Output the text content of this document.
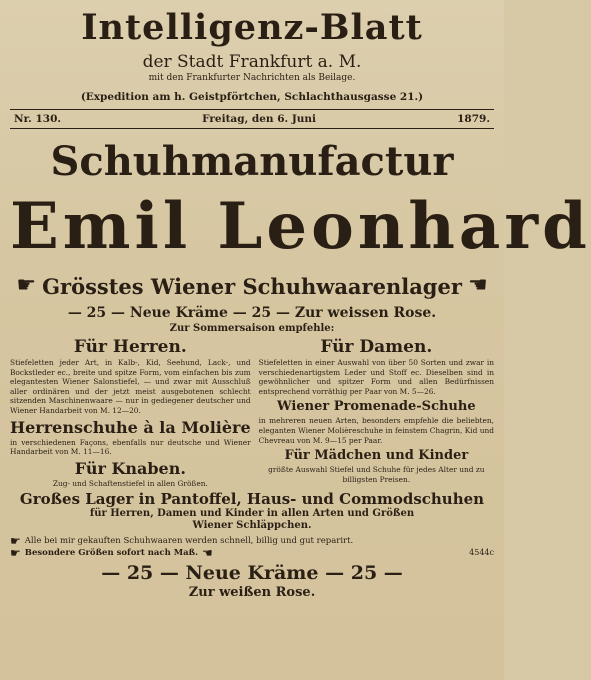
Intelligenz-Blatt
der Stadt Frankfurt a. M.
mit den Frankfurter Nachrichten als Beilage.
(Expedition am h. Geistpförtchen, Schlachthausgasse 21.)
Nr. 130.	Freitag, den 6. Juni	1879.
Schuhmanufactur
Emil Leonhard
☛ Grösstes Wiener Schuhwaarenlager ☛
— 25 — Neue Kräme — 25 — Zur weissen Rose.
Zur Sommersaison empfehle:
Für Herren.
Stiefeletten jeder Art, in Kalb-, Kid, Seehund, Lack-, und Bockstleder ec., breite und spitze Form, vom einfachen bis zum elegantesten Wiener Salonstiefel, — und zwar mit Ausschluß aller ordinären und der jetzt meist ausgebotenen schlecht sitzenden Maschinenwaare — nur in gediegener deutscher und Wiener Handarbeit von M. 12—20.
Herrenschuhe à la Molière
in verschiedenen Façons, ebenfalls nur deutsche und Wiener Handarbeit von M. 11—16.
Für Knaben.
Zug- und Schaftenstiefel in allen Größen.
Für Damen.
Stiefeletten in einer Auswahl von über 50 Sorten und zwar in verschiedenartigstem Leder und Stoff ec. Dieselben sind in gewöhnlicher und spitzer Form und allen Bedürfnissen entsprechend vorräthig per Paar von M. 5—26.
Wiener Promenade-Schuhe
in mehreren neuen Arten, besonders empfehle die beliebten, eleganten Wiener Molièreschuhe in feinstem Chagrin, Kid und Chevreau von M. 9—15 per Paar.
Für Mädchen und Kinder
größte Auswahl Stiefel und Schuhe für jedes Alter und zu billigsten Preisen.
Großes Lager in Pantoffel, Haus- und Commodschuhen
für Herren, Damen und Kinder in allen Arten und Größen
Wiener Schläppchen.
☛ Alle bei mir gekauften Schuhwaaren werden schnell, billig und gut reparirt.
☛ Besondere Größen sofort nach Maß. ☛	4544c
— 25 — Neue Kräme — 25 —
Zur weißen Rose.
